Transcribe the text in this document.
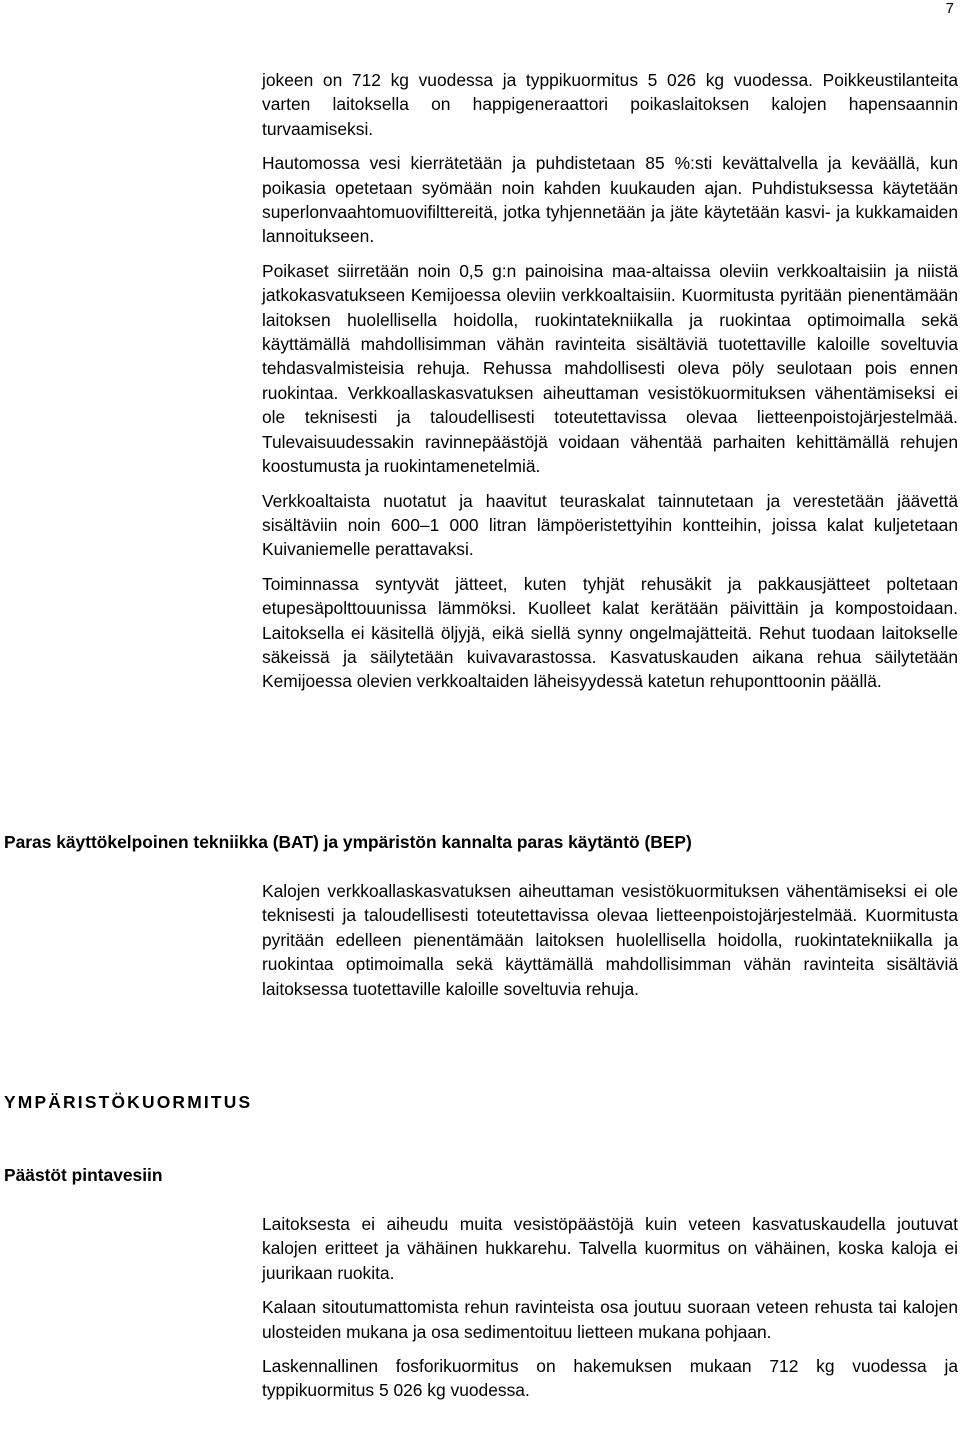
7

jokeen on 712 kg vuodessa ja typpikuormitus 5 026 kg vuodessa. Poikkeustilanteita varten laitoksella on happigeneraattori poikaslaitoksen kalojen hapensaannin turvaamiseksi.

Hautomossa vesi kierrätetään ja puhdistetaan 85 %:sti kevättalvella ja keväällä, kun poikasia opetetaan syömään noin kahden kuukauden ajan. Puhdistuksessa käytetään superlonvaahtomuovifilttereitä, jotka tyhjennetään ja jäte käytetään kasvi- ja kukkamaiden lannoitukseen.

Poikaset siirretään noin 0,5 g:n painoisina maa-altaissa oleviin verkkoaltaisiin ja niistä jatkokasvatukseen Kemijoessa oleviin verkkoaltaisiin. Kuormitusta pyritään pienentämään laitoksen huolellisella hoidolla, ruokintatekniikalla ja ruokintaa optimoimalla sekä käyttämällä mahdollisimman vähän ravinteita sisältäviä tuotettaville kaloille soveltuvia tehdasvalmisteisia rehuja. Rehussa mahdollisesti oleva pöly seulotaan pois ennen ruokintaa. Verkkoallaskasvatuksen aiheuttaman vesistökuormituksen vähentämiseksi ei ole teknisesti ja taloudellisesti toteutettavissa olevaa lietteenpoistojärjestelmää. Tulevaisuudessakin ravinnepäästöjä voidaan vähentää parhaiten kehittämällä rehujen koostumusta ja ruokintamenetelmiä.

Verkkoaltaista nuotatut ja haavitut teuraskalat tainnutetaan ja verestetään jäävettä sisältäviin noin 600–1 000 litran lämpöeristettyihin kontteihin, joissa kalat kuljetetaan Kuivaniemelle perattavaksi.

Toiminnassa syntyvät jätteet, kuten tyhjät rehusäkit ja pakkausjätteet poltetaan etupesäpolttouunissa lämmöksi. Kuolleet kalat kerätään päivittäin ja kompostoidaan. Laitoksella ei käsitellä öljyjä, eikä siellä synny ongelmajätteitä. Rehut tuodaan laitokselle säkeissä ja säilytetään kuivavarastossa. Kasvatuskauden aikana rehua säilytetään Kemijoessa olevien verkkoaltaiden läheisyydessä katetun rehuponttoonin päällä.

Paras käyttökelpoinen tekniikka (BAT) ja ympäristön kannalta paras käytäntö (BEP)

Kalojen verkkoallaskasvatuksen aiheuttaman vesistökuormituksen vähentämiseksi ei ole teknisesti ja taloudellisesti toteutettavissa olevaa lietteenpoistojärjestelmää. Kuormitusta pyritään edelleen pienentämään laitoksen huolellisella hoidolla, ruokintatekniikalla ja ruokintaa optimoimalla sekä käyttämällä mahdollisimman vähän ravinteita sisältäviä laitoksessa tuotettaville kaloille soveltuvia rehuja.

YMPÄRISTÖKUORMITUS
Päästöt pintavesiin

Laitoksesta ei aiheudu muita vesistöpäästöjä kuin veteen kasvatuskaudella joutuvat kalojen eritteet ja vähäinen hukkarehu. Talvella kuormitus on vähäinen, koska kaloja ei juurikaan ruokita.

Kalaan sitoutumattomista rehun ravinteista osa joutuu suoraan veteen rehusta tai kalojen ulosteiden mukana ja osa sedimentoituu lietteen mukana pohjaan.

Laskennallinen fosforikuormitus on hakemuksen mukaan 712 kg vuodessa ja typpikuormitus 5 026 kg vuodessa.
